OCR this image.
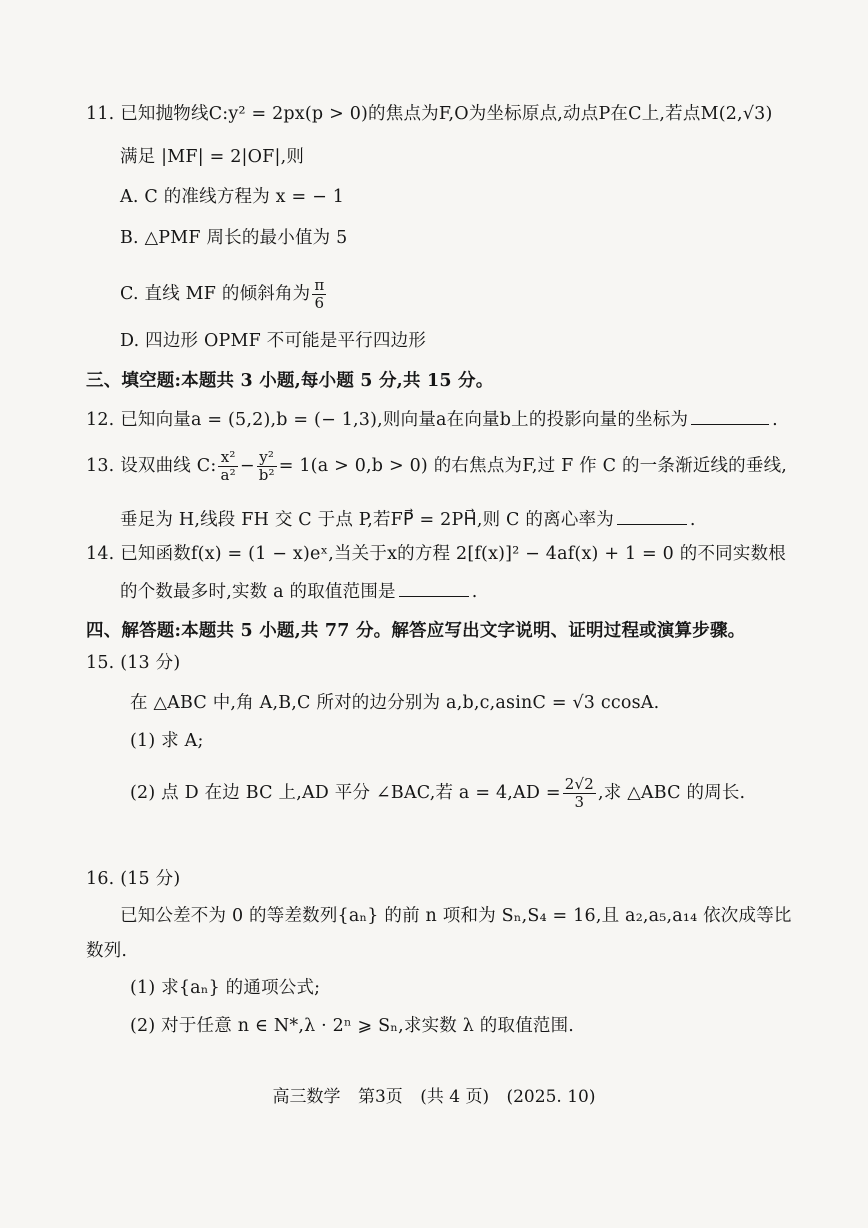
11. 已知抛物线C:y² = 2px(p > 0)的焦点为F,O为坐标原点,动点P在C上,若点M(2,√3)
满足 |MF| = 2|OF|,则
A. C 的准线方程为 x = − 1
B. △PMF 周长的最小值为 5
C. 直线 MF 的倾斜角为 $\frac{\pi}{6}$
D. 四边形 OPMF 不可能是平行四边形
三、填空题:本题共 3 小题,每小题 5 分,共 15 分。
12. 已知向量a = (5,2),b = (− 1,3),则向量a在向量b上的投影向量的坐标为	.
13. 设双曲线 C: $\frac{\text{x²}}{\text{a²}} - \frac{\text{y²}}{\text{b²}} = 1(a > 0,b > 0)$ 的右焦点为F,过 F 作 C 的一条渐近线的垂线,
垂足为 H,线段 FH 交 C 于点 P,若FP⃗ = 2PH⃗,则 C 的离心率为	.
14. 已知函数f(x) = (1 − x)eˣ,当关于x的方程 2[f(x)]² − 4af(x) + 1 = 0 的不同实数根
的个数最多时,实数 a 的取值范围是	.
四、解答题:本题共 5 小题,共 77 分。解答应写出文字说明、证明过程或演算步骤。
15. (13 分)
在 △ABC 中,角 A,B,C 所对的边分别为 a,b,c,asinC = √3 ccosA.
(1) 求 A;
(2) 点 D 在边 BC 上,AD 平分 ∠BAC,若 $a = 4,AD = \frac{2√2}{3}$ ,求 △ABC 的周长.
16. (15 分)
已知公差不为 0 的等差数列{aₙ} 的前 n 项和为 Sₙ,S₄ = 16,且 a₂,a₅,a₁₄ 依次成等比
数列.
(1) 求{aₙ} 的通项公式;
(2) 对于任意 n ∈ N*,λ · 2ⁿ ⩾ Sₙ,求实数 λ 的取值范围.
高三数学 第3页 (共 4 页) (2025. 10)
